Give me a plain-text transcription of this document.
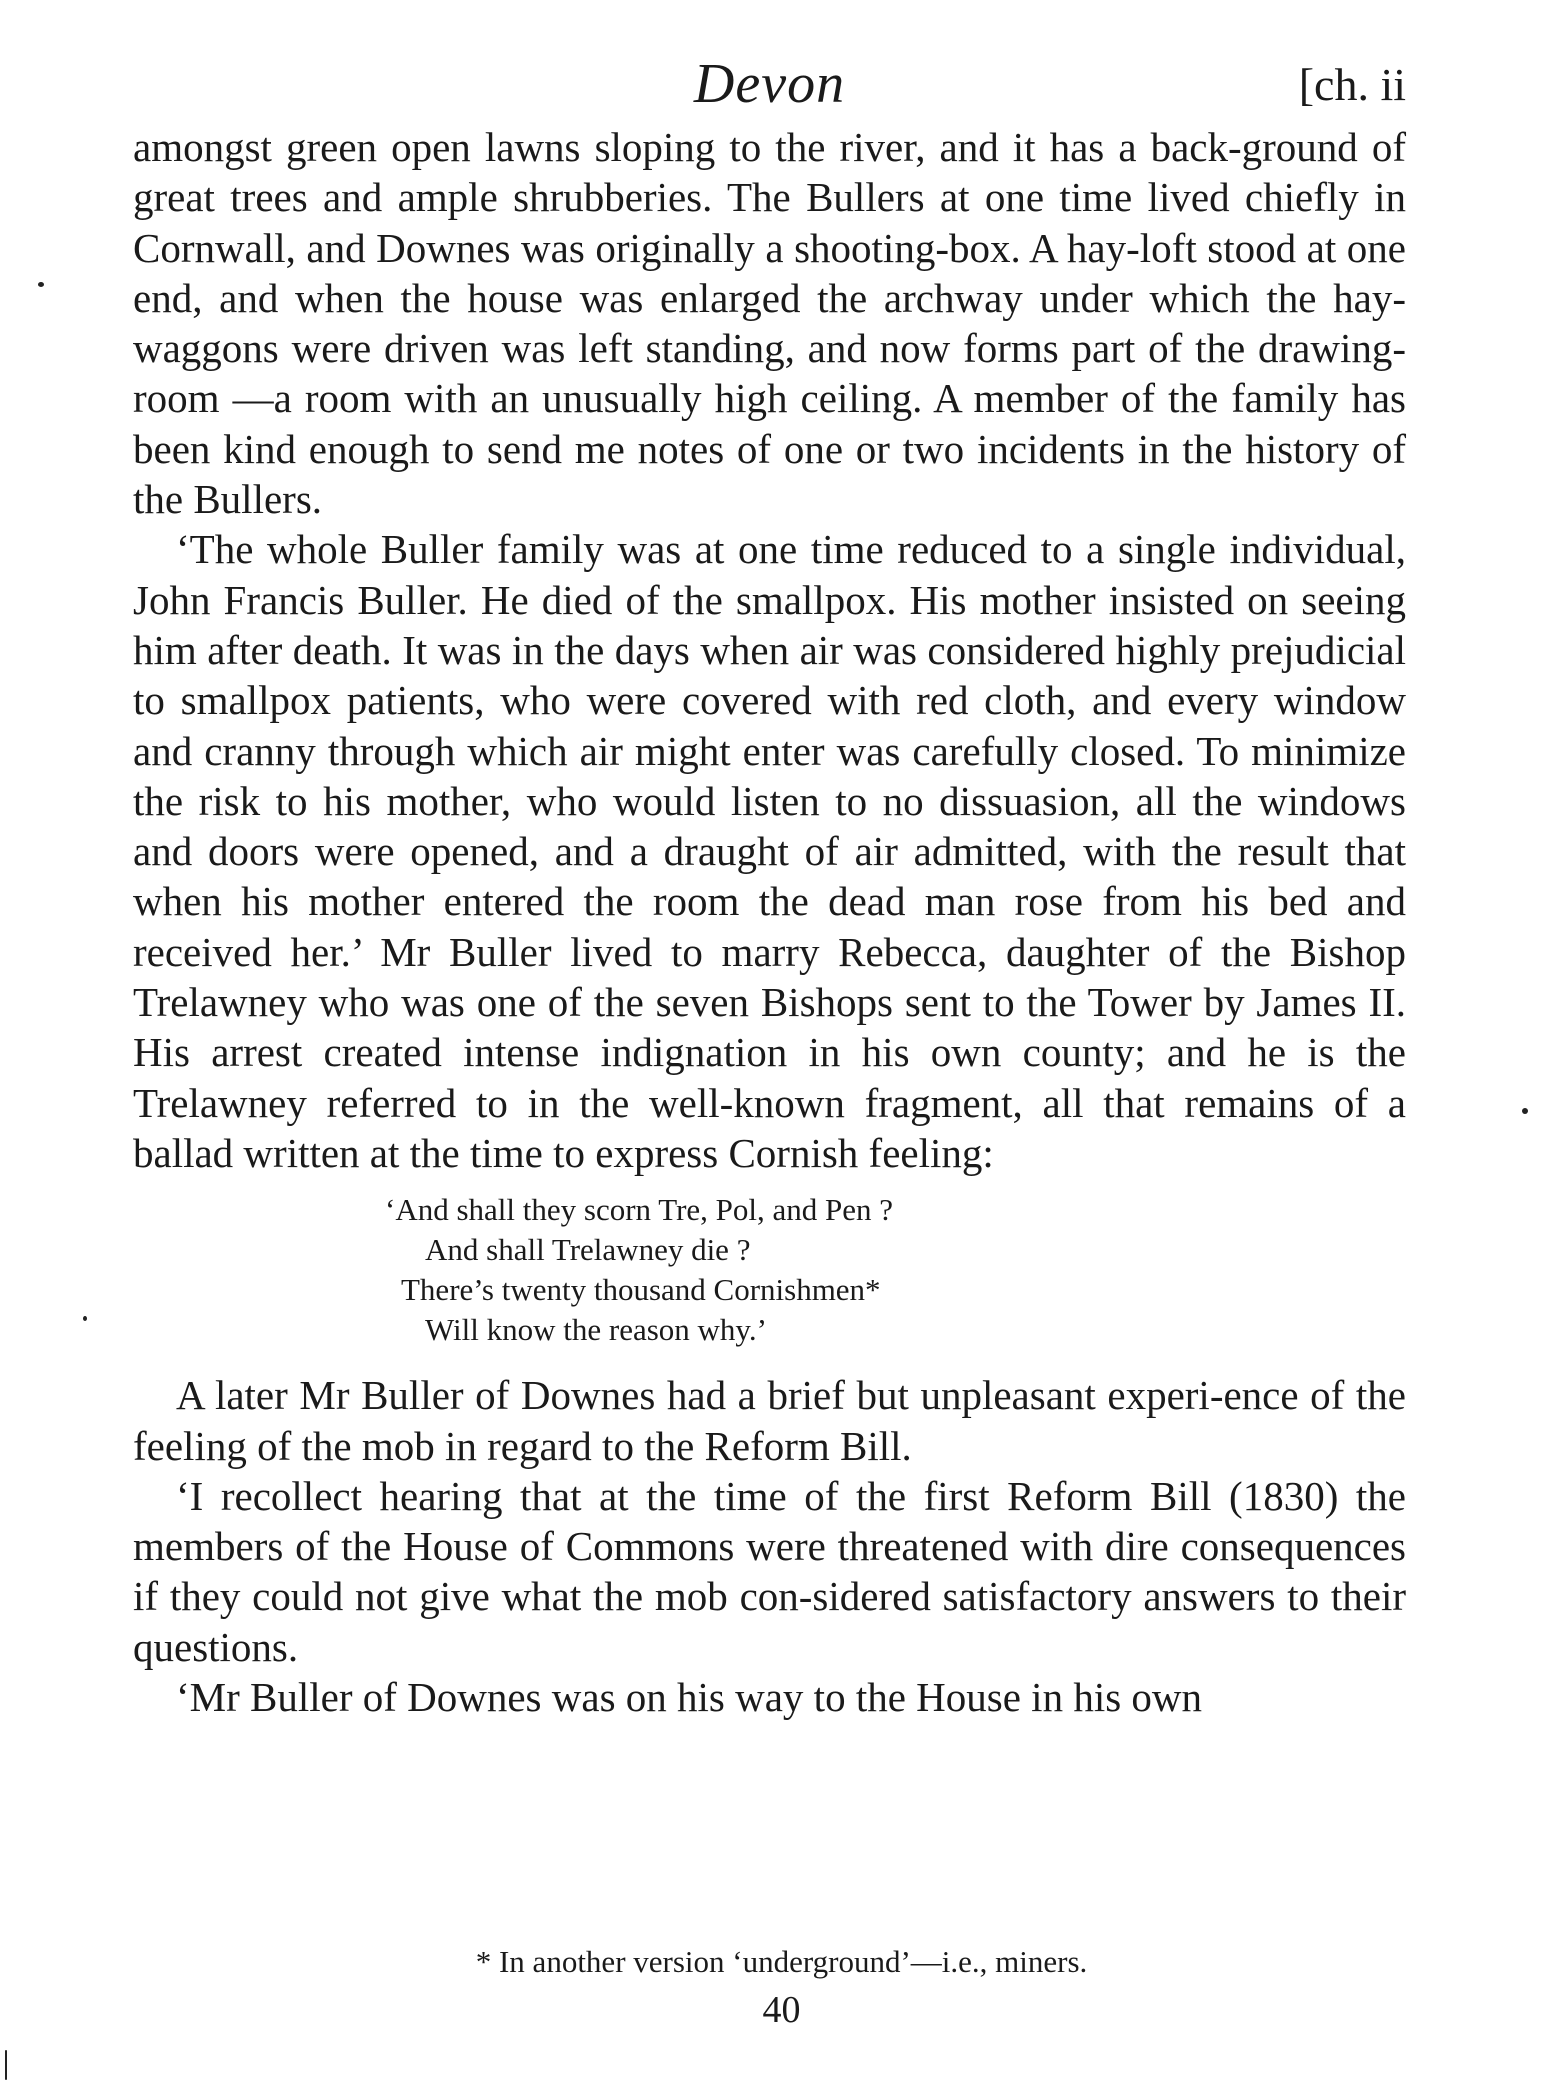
Devon	[ch. ii

amongst green open lawns sloping to the river, and it has a back-ground of great trees and ample shrubberies. The Bullers at one time lived chiefly in Cornwall, and Downes was originally a shooting-box. A hay-loft stood at one end, and when the house was enlarged the archway under which the hay-waggons were driven was left standing, and now forms part of the drawing-room —a room with an unusually high ceiling. A member of the family has been kind enough to send me notes of one or two incidents in the history of the Bullers.

‘The whole Buller family was at one time reduced to a single individual, John Francis Buller. He died of the smallpox. His mother insisted on seeing him after death. It was in the days when air was considered highly prejudicial to smallpox patients, who were covered with red cloth, and every window and cranny through which air might enter was carefully closed. To minimize the risk to his mother, who would listen to no dissuasion, all the windows and doors were opened, and a draught of air admitted, with the result that when his mother entered the room the dead man rose from his bed and received her.’ Mr Buller lived to marry Rebecca, daughter of the Bishop Trelawney who was one of the seven Bishops sent to the Tower by James II. His arrest created intense indignation in his own county; and he is the Trelawney referred to in the well-known fragment, all that remains of a ballad written at the time to express Cornish feeling:

‘And shall they scorn Tre, Pol, and Pen ?
And shall Trelawney die ?
There’s twenty thousand Cornishmen*
Will know the reason why.’

A later Mr Buller of Downes had a brief but unpleasant experi-ence of the feeling of the mob in regard to the Reform Bill.

‘I recollect hearing that at the time of the first Reform Bill (1830) the members of the House of Commons were threatened with dire consequences if they could not give what the mob con-sidered satisfactory answers to their questions.

‘Mr Buller of Downes was on his way to the House in his own

* In another version ‘underground’—i.e., miners.
40
